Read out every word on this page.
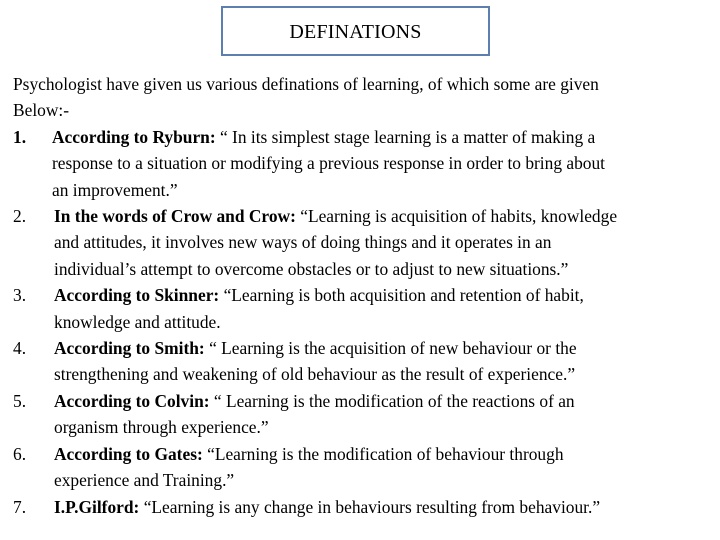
DEFINATIONS
Psychologist have given us various definations of learning, of which some are given
Below:-
1. According to Ryburn: “ In its simplest stage learning is a matter of making a
response to a situation or modifying a previous response in order to bring about
an improvement.”
2. In the words of Crow and Crow: “Learning is acquisition of habits, knowledge
and attitudes, it involves new ways of doing things and it operates in an
individual’s attempt to overcome obstacles or to adjust to new situations.”
3. According to Skinner: “Learning is both acquisition and retention of habit,
knowledge and attitude.
4. According to Smith: “ Learning is the acquisition of new behaviour or the
strengthening and weakening of old behaviour as the result of experience.”
5. According to Colvin: “ Learning is the modification of the reactions of an
organism through experience.”
6. According to Gates: “Learning is the modification of behaviour through
experience and Training.”
7. I.P.Gilford: “Learning is any change in behaviours resulting from behaviour.”
